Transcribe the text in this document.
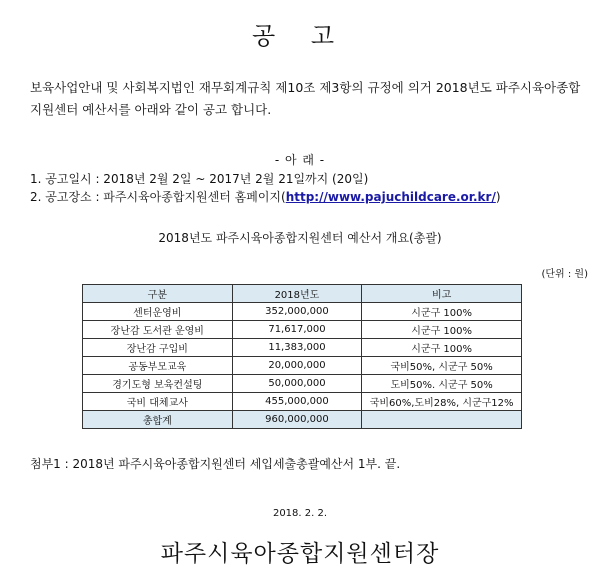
공 고
보육사업안내 및 사회복지법인 재무회계규칙 제10조 제3항의 규정에 의거 2018년도 파주시육아종합지원센터 예산서를 아래와 같이 공고 합니다.
- 아 래 -
1. 공고일시 : 2018년 2월 2일 ~ 2017년 2월 21일까지 (20일)
2. 공고장소 : 파주시육아종합지원센터 홈페이지(http://www.pajuchildcare.or.kr/)
2018년도 파주시육아종합지원센터 예산서 개요(총괄)
(단위 : 원)
구분	2018년도	비고
센터운영비	352,000,000	시군구 100%
장난감 도서관 운영비	71,617,000	시군구 100%
장난감 구입비	11,383,000	시군구 100%
공동부모교육	20,000,000	국비50%, 시군구 50%
경기도형 보육컨설팅	50,000,000	도비50%. 시군구 50%
국비 대체교사	455,000,000	국비60%,도비28%, 시군구12%
총합계	960,000,000	
첨부1 : 2018년 파주시육아종합지원센터 세입세출총괄예산서 1부. 끝.
2018. 2. 2.
파주시육아종합지원센터장
